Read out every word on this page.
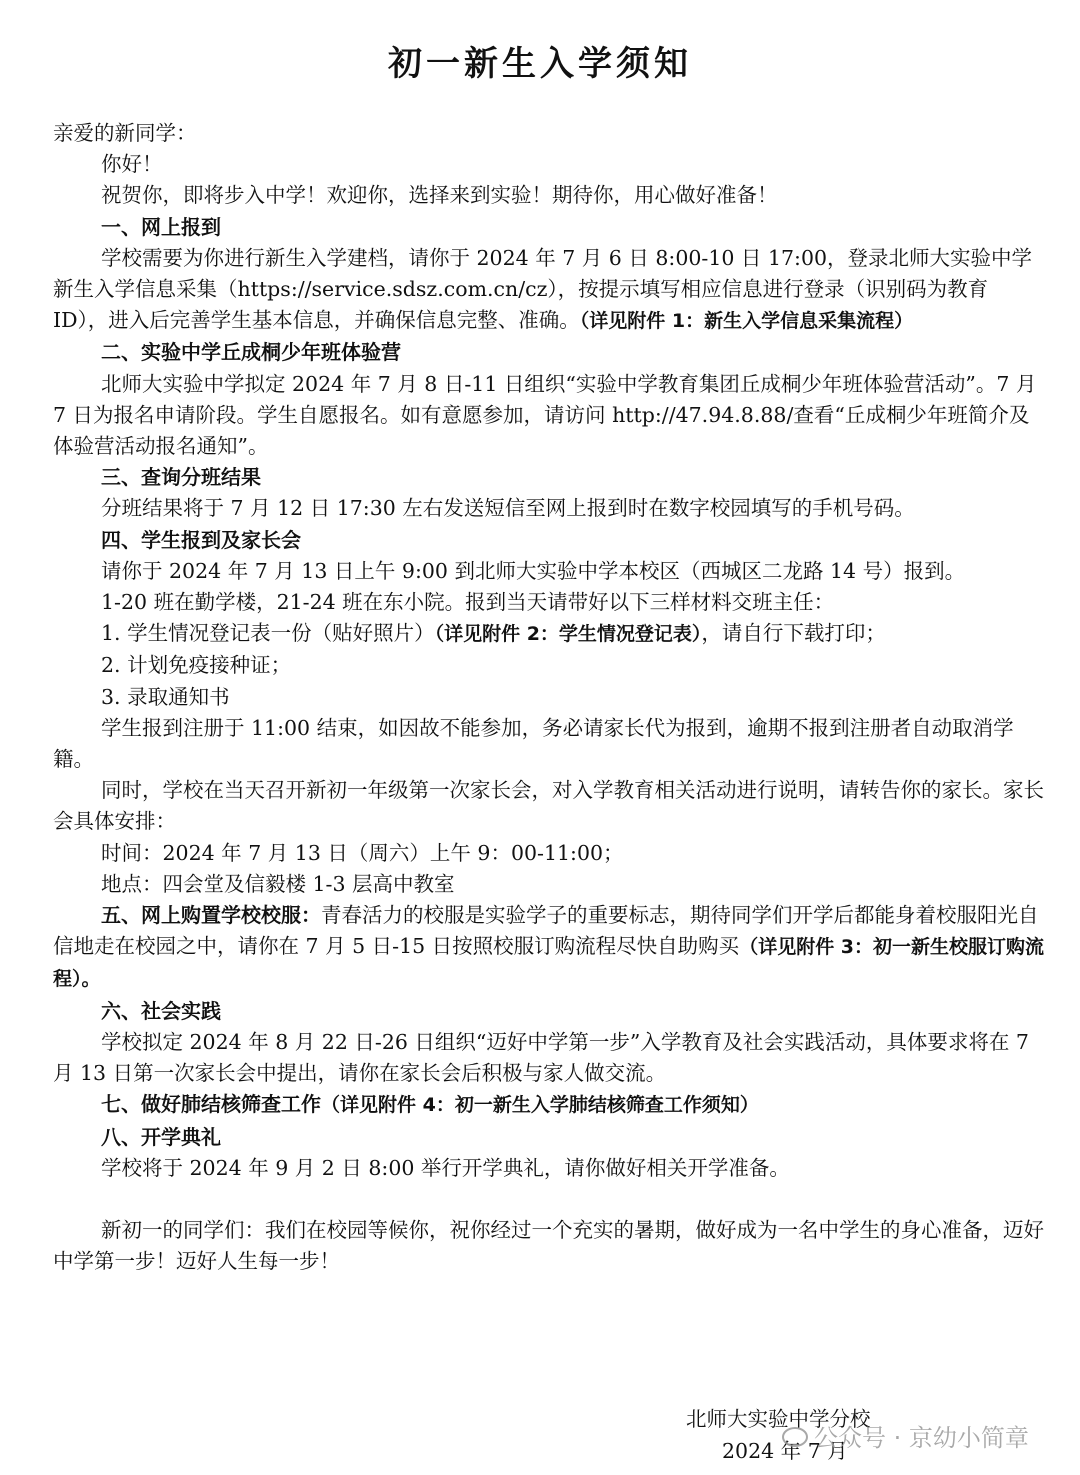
初一新生入学须知

亲爱的新同学：

你好！

祝贺你，即将步入中学！欢迎你，选择来到实验！期待你，用心做好准备！

一、网上报到

学校需要为你进行新生入学建档，请你于 2024 年 7 月 6 日 8:00-10 日 17:00，登录北师大实验中学新生入学信息采集（https://service.sdsz.com.cn/cz），按提示填写相应信息进行登录（识别码为教育 ID），进入后完善学生基本信息，并确保信息完整、准确。（详见附件 1：新生入学信息采集流程）

二、实验中学丘成桐少年班体验营

北师大实验中学拟定 2024 年 7 月 8 日-11 日组织“实验中学教育集团丘成桐少年班体验营活动”。7 月 7 日为报名申请阶段。学生自愿报名。如有意愿参加，请访问 http://47.94.8.88/查看“丘成桐少年班简介及体验营活动报名通知”。

三、查询分班结果

分班结果将于 7 月 12 日 17:30 左右发送短信至网上报到时在数字校园填写的手机号码。

四、学生报到及家长会

请你于 2024 年 7 月 13 日上午 9:00 到北师大实验中学本校区（西城区二龙路 14 号）报到。

1-20 班在勤学楼，21-24 班在东小院。报到当天请带好以下三样材料交班主任：

1. 学生情况登记表一份（贴好照片）（详见附件 2：学生情况登记表），请自行下载打印；

2. 计划免疫接种证；

3. 录取通知书

学生报到注册于 11:00 结束，如因故不能参加，务必请家长代为报到，逾期不报到注册者自动取消学籍。

同时，学校在当天召开新初一年级第一次家长会，对入学教育相关活动进行说明，请转告你的家长。家长会具体安排：

时间：2024 年 7 月 13 日（周六）上午 9：00-11:00；

地点：四会堂及信毅楼 1-3 层高中教室

五、网上购置学校校服：青春活力的校服是实验学子的重要标志，期待同学们开学后都能身着校服阳光自信地走在校园之中，请你在 7 月 5 日-15 日按照校服订购流程尽快自助购买（详见附件 3：初一新生校服订购流程）。

六、社会实践

学校拟定 2024 年 8 月 22 日-26 日组织“迈好中学第一步”入学教育及社会实践活动，具体要求将在 7 月 13 日第一次家长会中提出，请你在家长会后积极与家人做交流。

七、做好肺结核筛查工作（详见附件 4：初一新生入学肺结核筛查工作须知）

八、开学典礼

学校将于 2024 年 9 月 2 日 8:00 举行开学典礼，请你做好相关开学准备。

新初一的同学们：我们在校园等候你，祝你经过一个充实的暑期，做好成为一名中学生的身心准备，迈好中学第一步！迈好人生每一步！

北师大实验中学分校
2024 年 7 月
公众号 · 京幼小简章
